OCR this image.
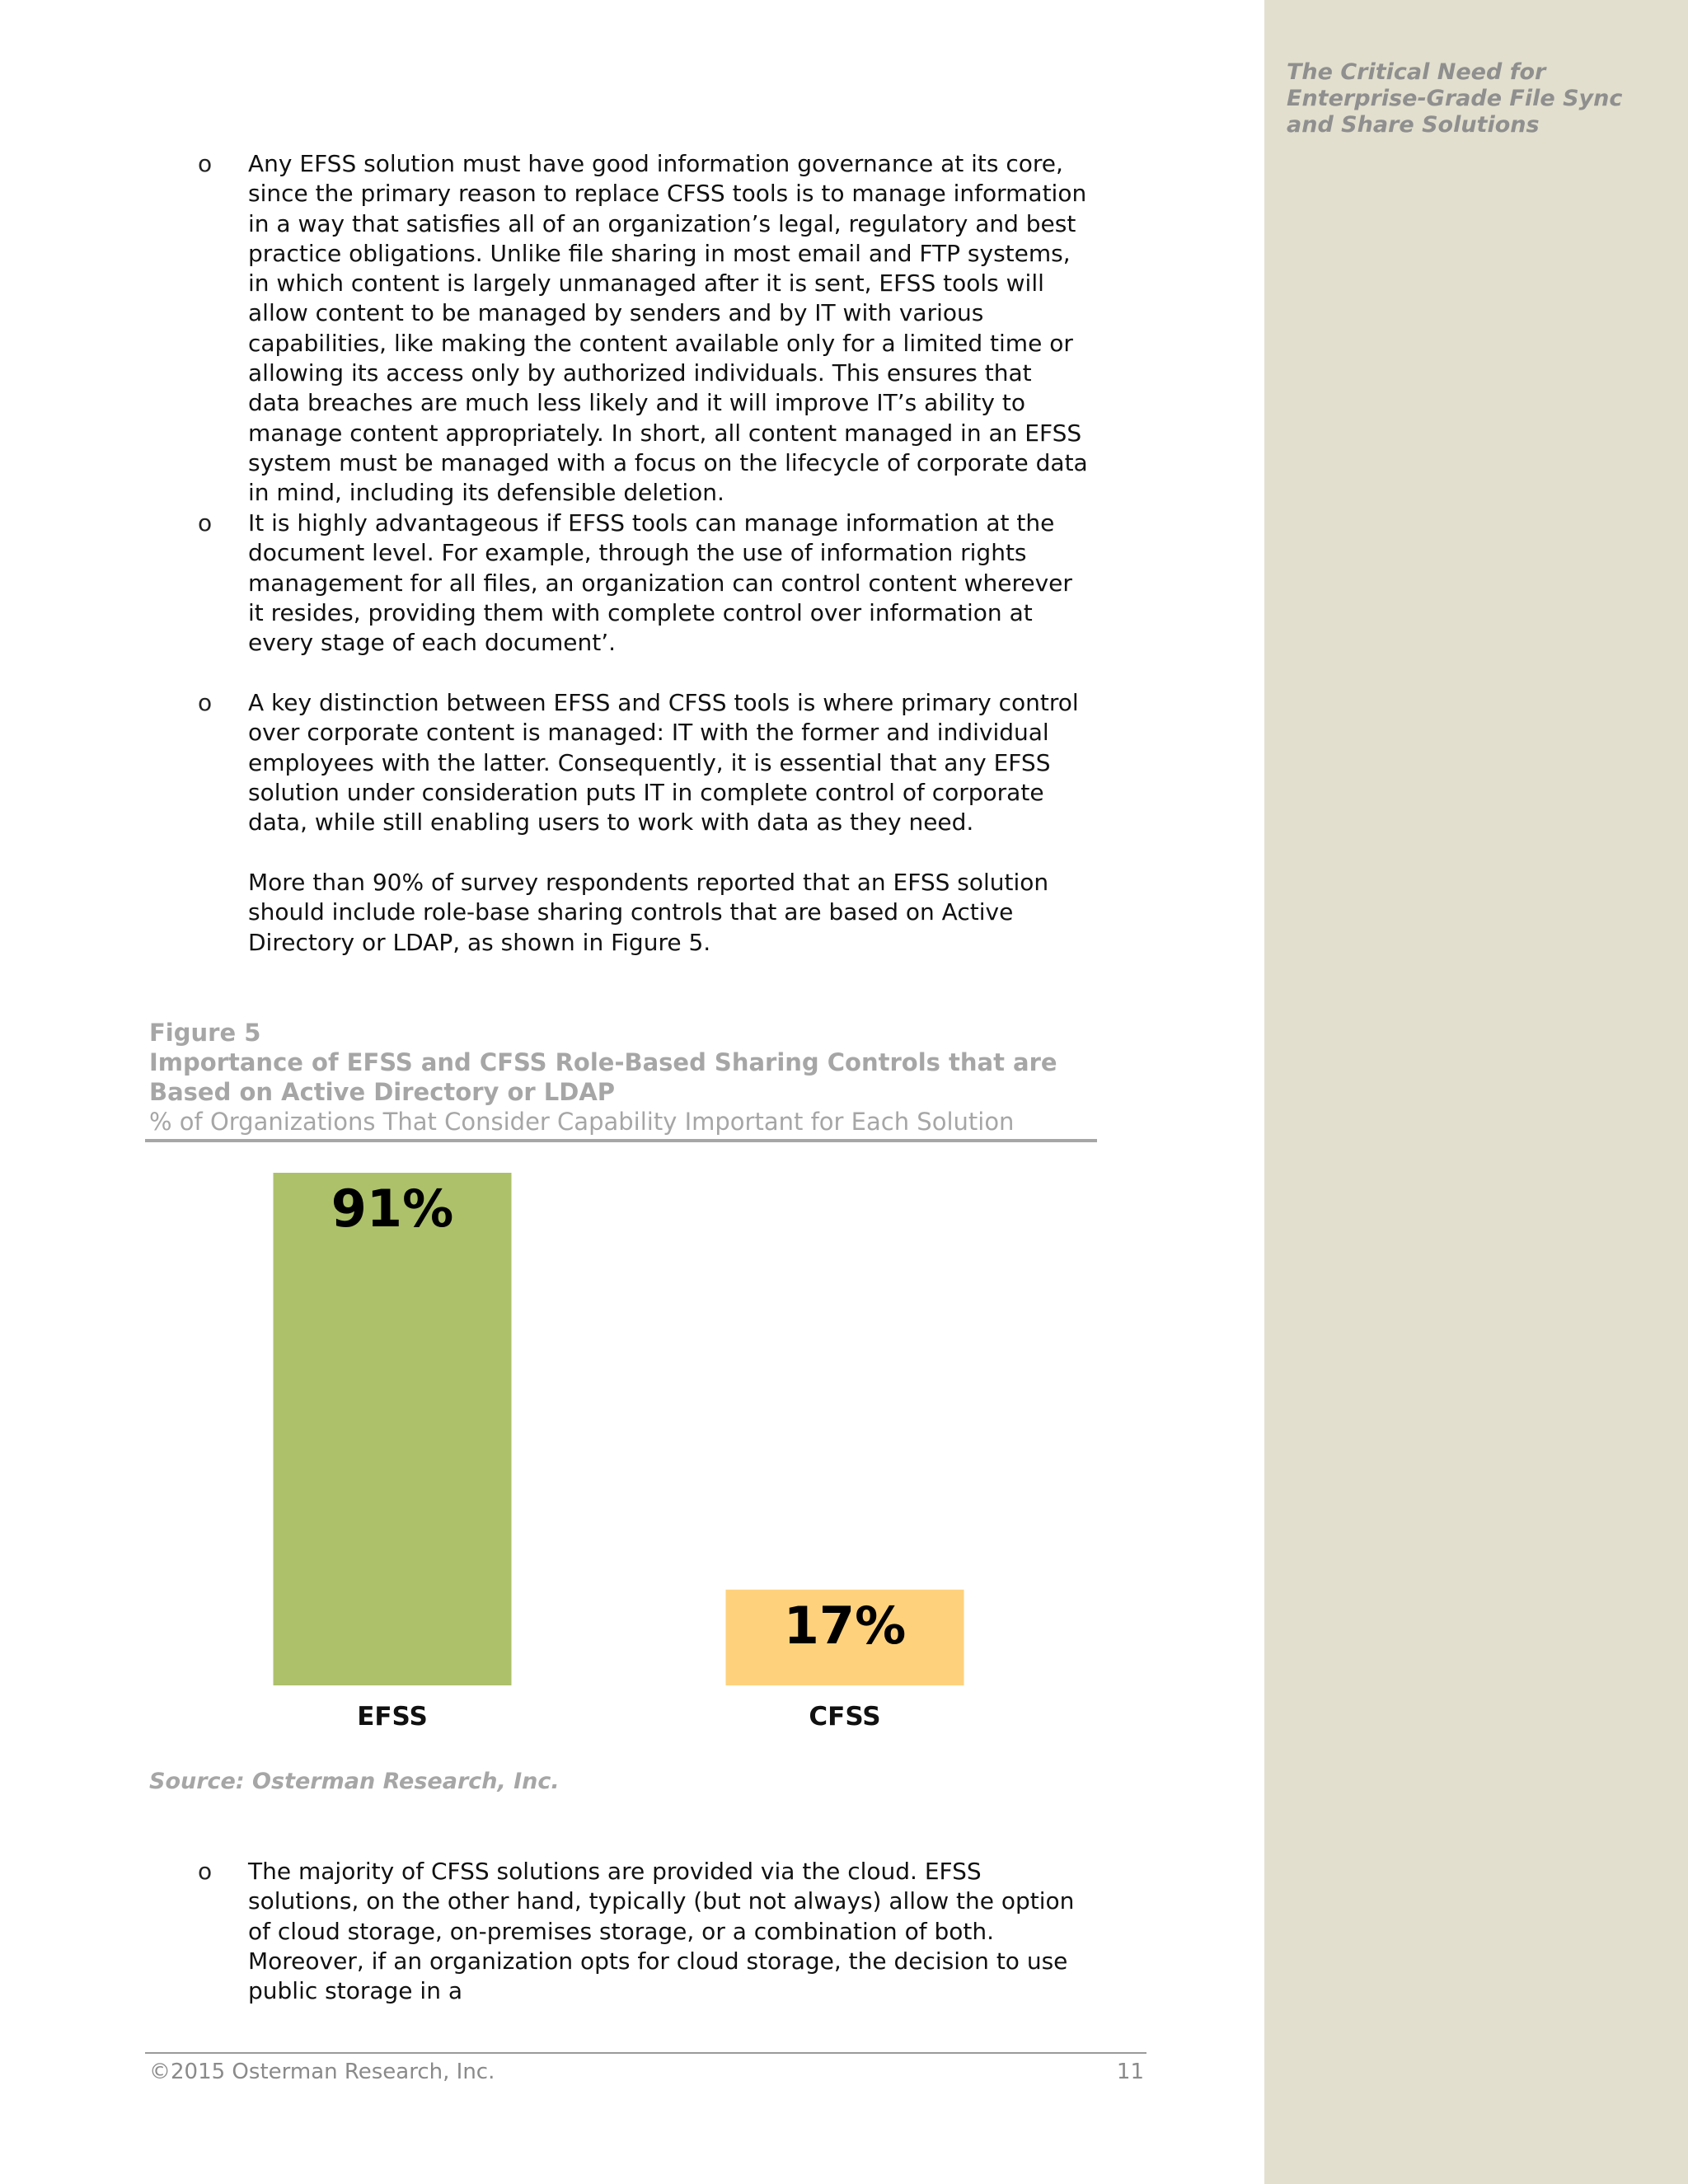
The Critical Need for Enterprise-Grade File Sync and Share Solutions

o Any EFSS solution must have good information governance at its core, since the primary reason to replace CFSS tools is to manage information in a way that satisfies all of an organization’s legal, regulatory and best practice obligations. Unlike file sharing in most email and FTP systems, in which content is largely unmanaged after it is sent, EFSS tools will allow content to be managed by senders and by IT with various capabilities, like making the content available only for a limited time or allowing its access only by authorized individuals. This ensures that data breaches are much less likely and it will improve IT’s ability to manage content appropriately. In short, all content managed in an EFSS system must be managed with a focus on the lifecycle of corporate data in mind, including its defensible deletion.

o It is highly advantageous if EFSS tools can manage information at the document level. For example, through the use of information rights management for all files, an organization can control content wherever it resides, providing them with complete control over information at every stage of each document’.

o A key distinction between EFSS and CFSS tools is where primary control over corporate content is managed: IT with the former and individual employees with the latter. Consequently, it is essential that any EFSS solution under consideration puts IT in complete control of corporate data, while still enabling users to work with data as they need.

More than 90% of survey respondents reported that an EFSS solution should include role-base sharing controls that are based on Active Directory or LDAP, as shown in Figure 5.

Figure 5

Importance of EFSS and CFSS Role-Based Sharing Controls that are Based on Active Directory or LDAP

% of Organizations That Consider Capability Important for Each Solution

91%
EFSS
17%
CFSS

Source: Osterman Research, Inc.

o The majority of CFSS solutions are provided via the cloud. EFSS solutions, on the other hand, typically (but not always) allow the option of cloud storage, on-premises storage, or a combination of both. Moreover, if an organization opts for cloud storage, the decision to use public storage in a

©2015 Osterman Research, Inc.	11
